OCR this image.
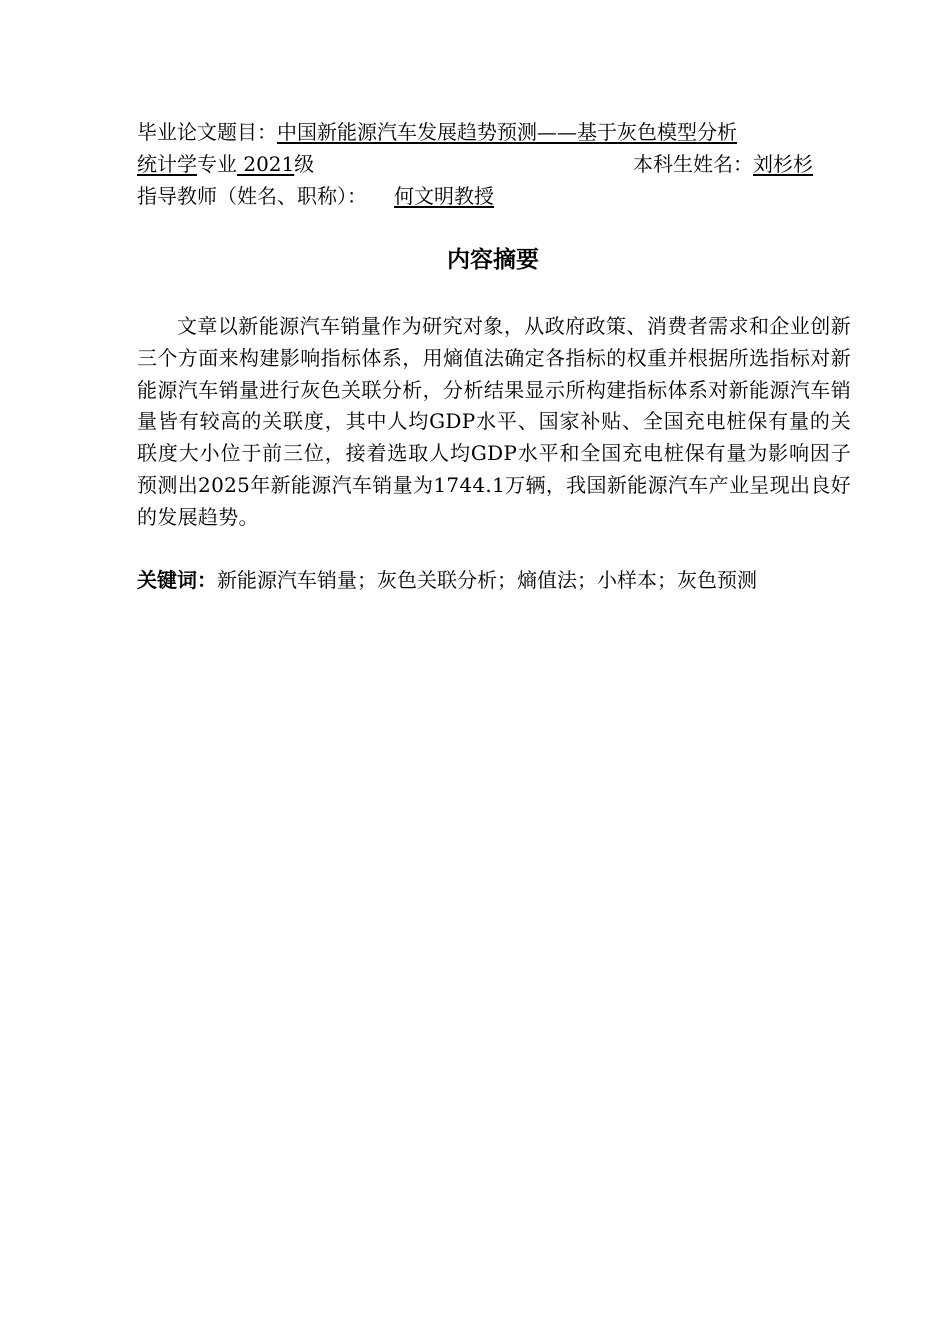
毕业论文题目：中国新能源汽车发展趋势预测——基于灰色模型分析
统计学专业 2021级	本科生姓名：刘杉杉
指导教师（姓名、职称）： 何文明教授
内容摘要

文章以新能源汽车销量作为研究对象，从政府政策、消费者需求和企业创新三个方面来构建影响指标体系，用熵值法确定各指标的权重并根据所选指标对新能源汽车销量进行灰色关联分析，分析结果显示所构建指标体系对新能源汽车销量皆有较高的关联度，其中人均GDP水平、国家补贴、全国充电桩保有量的关联度大小位于前三位，接着选取人均GDP水平和全国充电桩保有量为影响因子预测出2025年新能源汽车销量为1744.1万辆，我国新能源汽车产业呈现出良好的发展趋势。

关键词：新能源汽车销量；灰色关联分析；熵值法；小样本；灰色预测
